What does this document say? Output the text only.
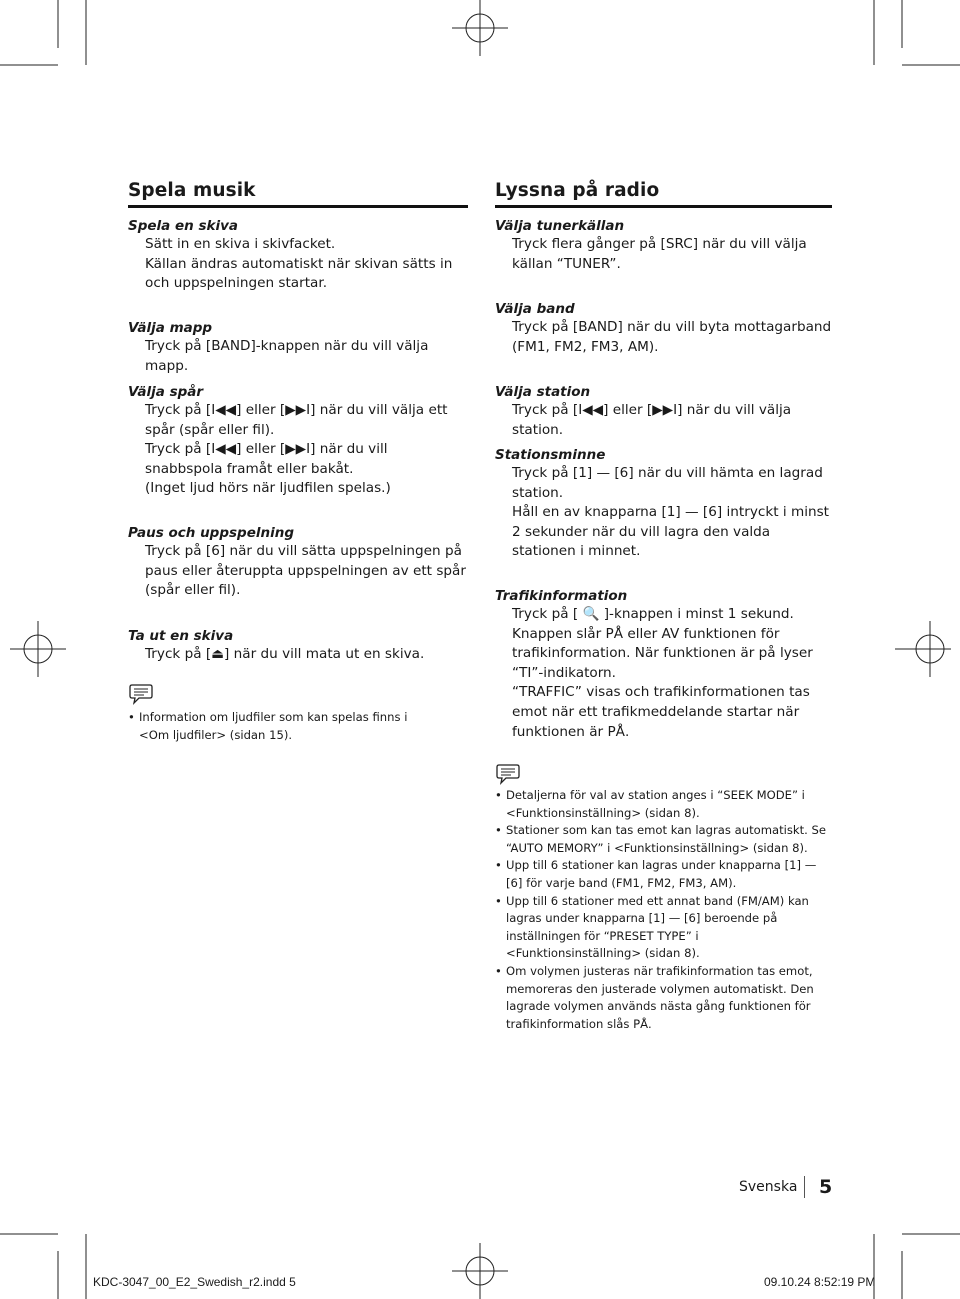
Spela musik
Spela en skiva

Sätt in en skiva i skivfacket.

Källan ändras automatiskt när skivan sätts in och uppspelningen startar.

Välja mapp

Tryck på [BAND]-knappen när du vill välja mapp.

Välja spår

Tryck på [I◀◀] eller [▶▶I] när du vill välja ett spår (spår eller fil).

Tryck på [I◀◀] eller [▶▶I] när du vill snabbspola framåt eller bakåt.

(Inget ljud hörs när ljudfilen spelas.)

Paus och uppspelning

Tryck på [6] när du vill sätta uppspelningen på paus eller återuppta uppspelningen av ett spår (spår eller fil).

Ta ut en skiva

Tryck på [⏏] när du vill mata ut en skiva.

• Information om ljudfiler som kan spelas finns i <Om ljudfiler> (sidan 15).
Lyssna på radio
Välja tunerkällan

Tryck flera gånger på [SRC] när du vill välja källan “TUNER”.

Välja band

Tryck på [BAND] när du vill byta mottagarband (FM1, FM2, FM3, AM).

Välja station

Tryck på [I◀◀] eller [▶▶I] när du vill välja station.

Stationsminne

Tryck på [1] — [6] när du vill hämta en lagrad station.

Håll en av knapparna [1] — [6] intryckt i minst 2 sekunder när du vill lagra den valda stationen i minnet.

Trafikinformation

Tryck på [ 🔍 ]-knappen i minst 1 sekund.

Knappen slår PÅ eller AV funktionen för trafikinformation. När funktionen är på lyser “TI”-indikatorn.

“TRAFFIC” visas och trafikinformationen tas emot när ett trafikmeddelande startar när funktionen är PÅ.

• Detaljerna för val av station anges i “SEEK MODE” i <Funktionsinställning> (sidan 8).
• Stationer som kan tas emot kan lagras automatiskt. Se “AUTO MEMORY” i <Funktionsinställning> (sidan 8).
• Upp till 6 stationer kan lagras under knapparna [1] — [6] för varje band (FM1, FM2, FM3, AM).
• Upp till 6 stationer med ett annat band (FM/AM) kan lagras under knapparna [1] — [6] beroende på inställningen för “PRESET TYPE” i <Funktionsinställning> (sidan 8).
• Om volymen justeras när trafikinformation tas emot, memoreras den justerade volymen automatiskt. Den lagrade volymen används nästa gång funktionen för trafikinformation slås PÅ.
Svenska 5
KDC-3047_00_E2_Swedish_r2.indd 5	09.10.24 8:52:19 PM
